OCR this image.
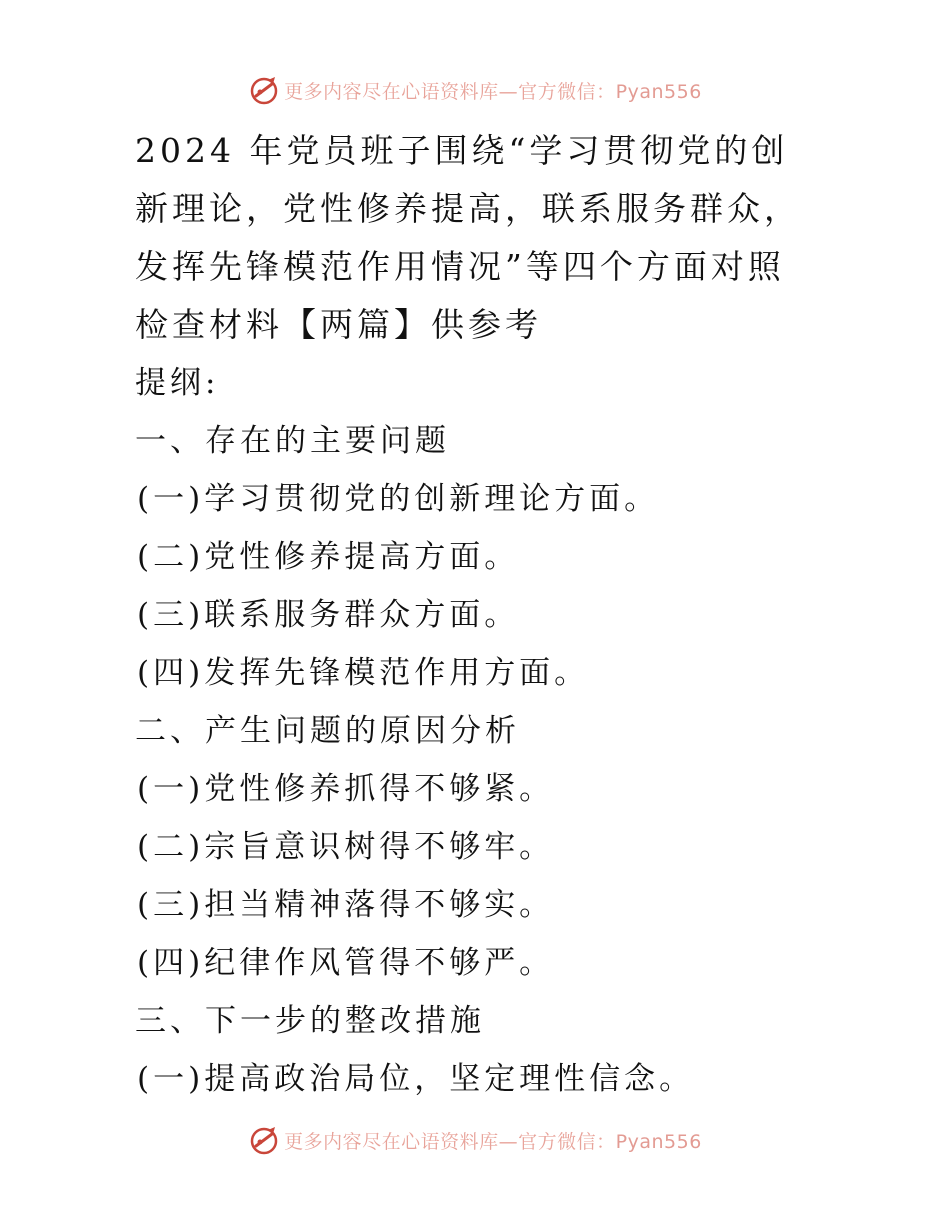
更多内容尽在心语资料库—官方微信：Pyan556
2024 年党员班子围绕“学习贯彻党的创新理论，党性修养提高，联系服务群众，发挥先锋模范作用情况”等四个方面对照检查材料【两篇】供参考
提纲:
一、存在的主要问题
(一)学习贯彻党的创新理论方面。
(二)党性修养提高方面。
(三)联系服务群众方面。
(四)发挥先锋模范作用方面。
二、产生问题的原因分析
(一)党性修养抓得不够紧。
(二)宗旨意识树得不够牢。
(三)担当精神落得不够实。
(四)纪律作风管得不够严。
三、下一步的整改措施
(一)提高政治局位，坚定理性信念。
更多内容尽在心语资料库—官方微信：Pyan556
